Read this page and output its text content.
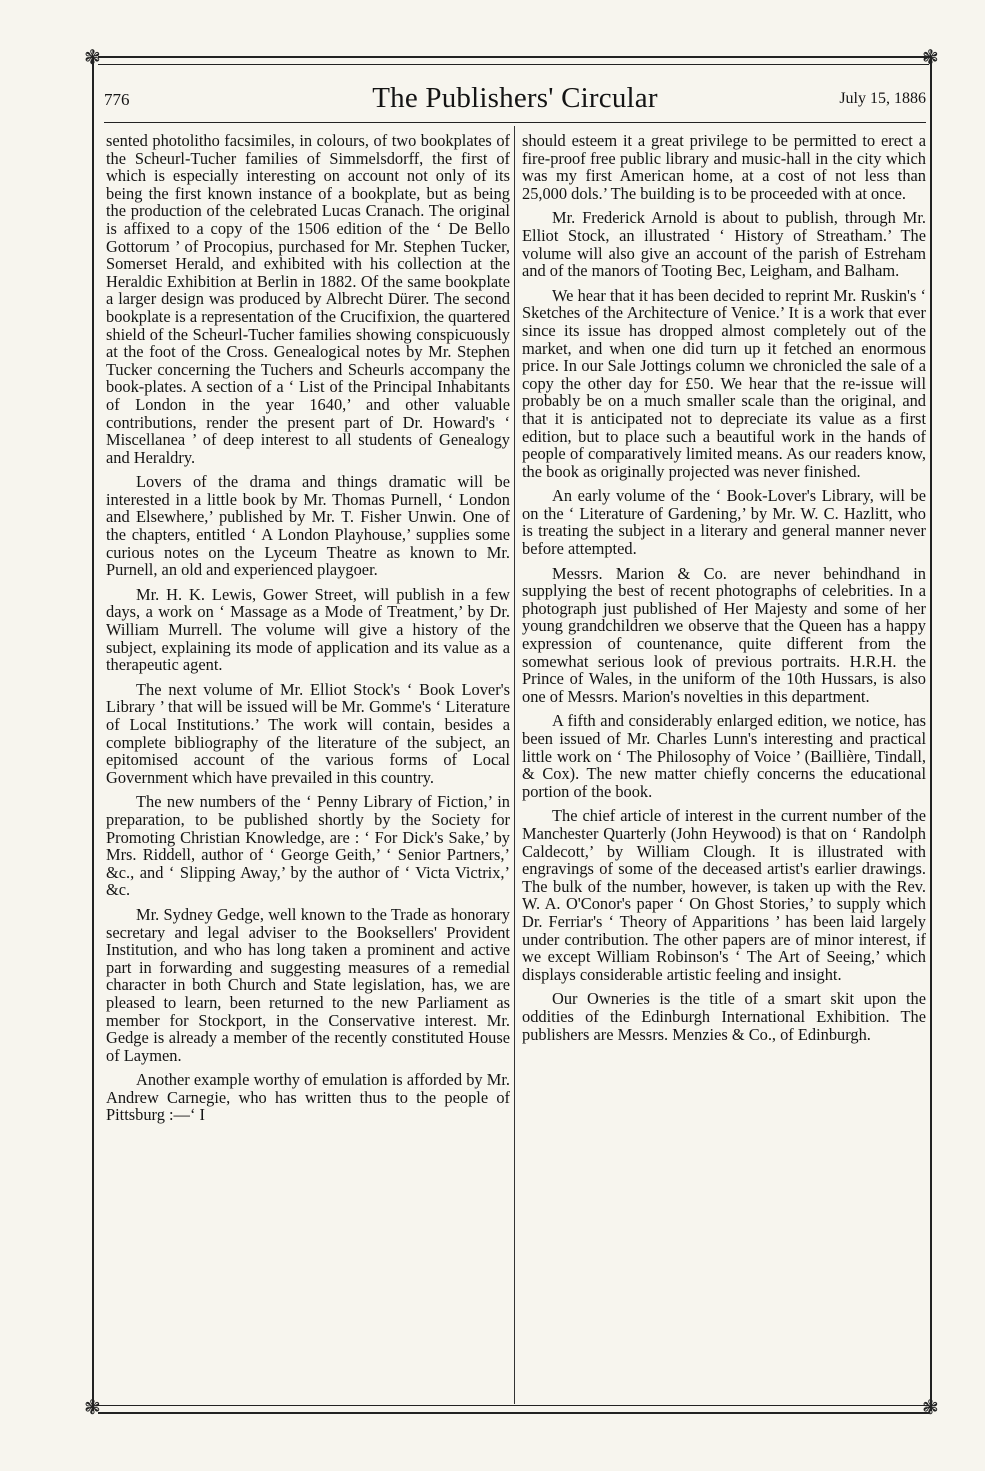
❃	❃
❃	❃
776	The Publishers' Circular	July 15, 1886

sented photolitho facsimiles, in colours, of two bookplates of the Scheurl-Tucher families of Simmelsdorff, the first of which is especially interesting on account not only of its being the first known instance of a bookplate, but as being the production of the celebrated Lucas Cranach. The original is affixed to a copy of the 1506 edition of the ‘ De Bello Gottorum ’ of Procopius, purchased for Mr. Stephen Tucker, Somerset Herald, and exhibited with his collection at the Heraldic Exhibition at Berlin in 1882. Of the same bookplate a larger design was produced by Albrecht Dürer. The second bookplate is a representation of the Crucifixion, the quartered shield of the Scheurl-Tucher families showing conspicuously at the foot of the Cross. Genealogical notes by Mr. Stephen Tucker concerning the Tuchers and Scheurls accompany the book-plates. A section of a ‘ List of the Principal Inhabitants of London in the year 1640,’ and other valuable contributions, render the present part of Dr. Howard's ‘ Miscellanea ’ of deep interest to all students of Genealogy and Heraldry.

Lovers of the drama and things dramatic will be interested in a little book by Mr. Thomas Purnell, ‘ London and Elsewhere,’ published by Mr. T. Fisher Unwin. One of the chapters, entitled ‘ A London Playhouse,’ supplies some curious notes on the Lyceum Theatre as known to Mr. Purnell, an old and experienced playgoer.

Mr. H. K. Lewis, Gower Street, will publish in a few days, a work on ‘ Massage as a Mode of Treatment,’ by Dr. William Murrell. The volume will give a history of the subject, explaining its mode of application and its value as a therapeutic agent.

The next volume of Mr. Elliot Stock's ‘ Book Lover's Library ’ that will be issued will be Mr. Gomme's ‘ Literature of Local Institutions.’ The work will contain, besides a complete bibliography of the literature of the subject, an epitomised account of the various forms of Local Government which have prevailed in this country.

The new numbers of the ‘ Penny Library of Fiction,’ in preparation, to be published shortly by the Society for Promoting Christian Knowledge, are : ‘ For Dick's Sake,’ by Mrs. Riddell, author of ‘ George Geith,’ ‘ Senior Partners,’ &c., and ‘ Slipping Away,’ by the author of ‘ Victa Victrix,’ &c.

Mr. Sydney Gedge, well known to the Trade as honorary secretary and legal adviser to the Booksellers' Provident Institution, and who has long taken a prominent and active part in forwarding and suggesting measures of a remedial character in both Church and State legislation, has, we are pleased to learn, been returned to the new Parliament as member for Stockport, in the Conservative interest. Mr. Gedge is already a member of the recently constituted House of Laymen.

Another example worthy of emulation is afforded by Mr. Andrew Carnegie, who has written thus to the people of Pittsburg :—‘ I

should esteem it a great privilege to be permitted to erect a fire-proof free public library and music-hall in the city which was my first American home, at a cost of not less than 25,000 dols.’ The building is to be proceeded with at once.

Mr. Frederick Arnold is about to publish, through Mr. Elliot Stock, an illustrated ‘ History of Streatham.’ The volume will also give an account of the parish of Estreham and of the manors of Tooting Bec, Leigham, and Balham.

We hear that it has been decided to reprint Mr. Ruskin's ‘ Sketches of the Architecture of Venice.’ It is a work that ever since its issue has dropped almost completely out of the market, and when one did turn up it fetched an enormous price. In our Sale Jottings column we chronicled the sale of a copy the other day for £50. We hear that the re-issue will probably be on a much smaller scale than the original, and that it is anticipated not to depreciate its value as a first edition, but to place such a beautiful work in the hands of people of comparatively limited means. As our readers know, the book as originally projected was never finished.

An early volume of the ‘ Book-Lover's Library, will be on the ‘ Literature of Gardening,’ by Mr. W. C. Hazlitt, who is treating the subject in a literary and general manner never before attempted.

Messrs. Marion & Co. are never behindhand in supplying the best of recent photographs of celebrities. In a photograph just published of Her Majesty and some of her young grandchildren we observe that the Queen has a happy expression of countenance, quite different from the somewhat serious look of previous portraits. H.R.H. the Prince of Wales, in the uniform of the 10th Hussars, is also one of Messrs. Marion's novelties in this department.

A fifth and considerably enlarged edition, we notice, has been issued of Mr. Charles Lunn's interesting and practical little work on ‘ The Philosophy of Voice ’ (Baillière, Tindall, & Cox). The new matter chiefly concerns the educational portion of the book.

The chief article of interest in the current number of the Manchester Quarterly (John Heywood) is that on ‘ Randolph Caldecott,’ by William Clough. It is illustrated with engravings of some of the deceased artist's earlier drawings. The bulk of the number, however, is taken up with the Rev. W. A. O'Conor's paper ‘ On Ghost Stories,’ to supply which Dr. Ferriar's ‘ Theory of Apparitions ’ has been laid largely under contribution. The other papers are of minor interest, if we except William Robinson's ‘ The Art of Seeing,’ which displays considerable artistic feeling and insight.

Our Owneries is the title of a smart skit upon the oddities of the Edinburgh International Exhibition. The publishers are Messrs. Menzies & Co., of Edinburgh.
